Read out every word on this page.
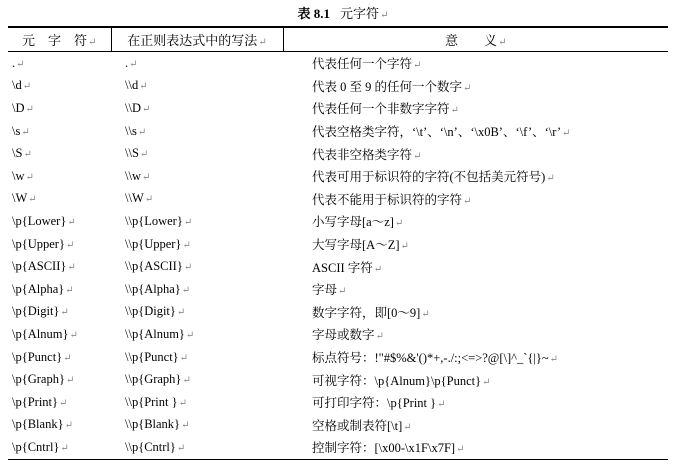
表 8.1 元字符↵
元　字　符↵	在正则表达式中的写法↵	意　　义↵
.↵	.↵	代表任何一个字符↵
\d↵	\\d↵	代表 0 至 9 的任何一个数字↵
\D↵	\\D↵	代表任何一个非数字字符↵
\s↵	\\s↵	代表空格类字符，‘\t’、‘\n’、‘\x0B’、‘\f’、‘\r’↵
\S↵	\\S↵	代表非空格类字符↵
\w↵	\\w↵	代表可用于标识符的字符(不包括美元符号)↵
\W↵	\\W↵	代表不能用于标识符的字符↵
\p{Lower}↵	\\p{Lower}↵	小写字母[a～z]↵
\p{Upper}↵	\\p{Upper}↵	大写字母[A～Z]↵
\p{ASCII}↵	\\p{ASCII}↵	ASCII 字符↵
\p{Alpha}↵	\\p{Alpha}↵	字母↵
\p{Digit}↵	\\p{Digit}↵	数字字符，即[0～9]↵
\p{Alnum}↵	\\p{Alnum}↵	字母或数字↵
\p{Punct}↵	\\p{Punct}↵	标点符号：!"#$%&'()*+,-./:;<=>?@[\]^_`{|}~↵
\p{Graph}↵	\\p{Graph}↵	可视字符：\p{Alnum}\p{Punct}↵
\p{Print}↵	\\p{Print }↵	可打印字符：\p{Print }↵
\p{Blank}↵	\\p{Blank}↵	空格或制表符[\t]↵
\p{Cntrl}↵	\\p{Cntrl}↵	控制字符：[\x00-\x1F\x7F]↵
